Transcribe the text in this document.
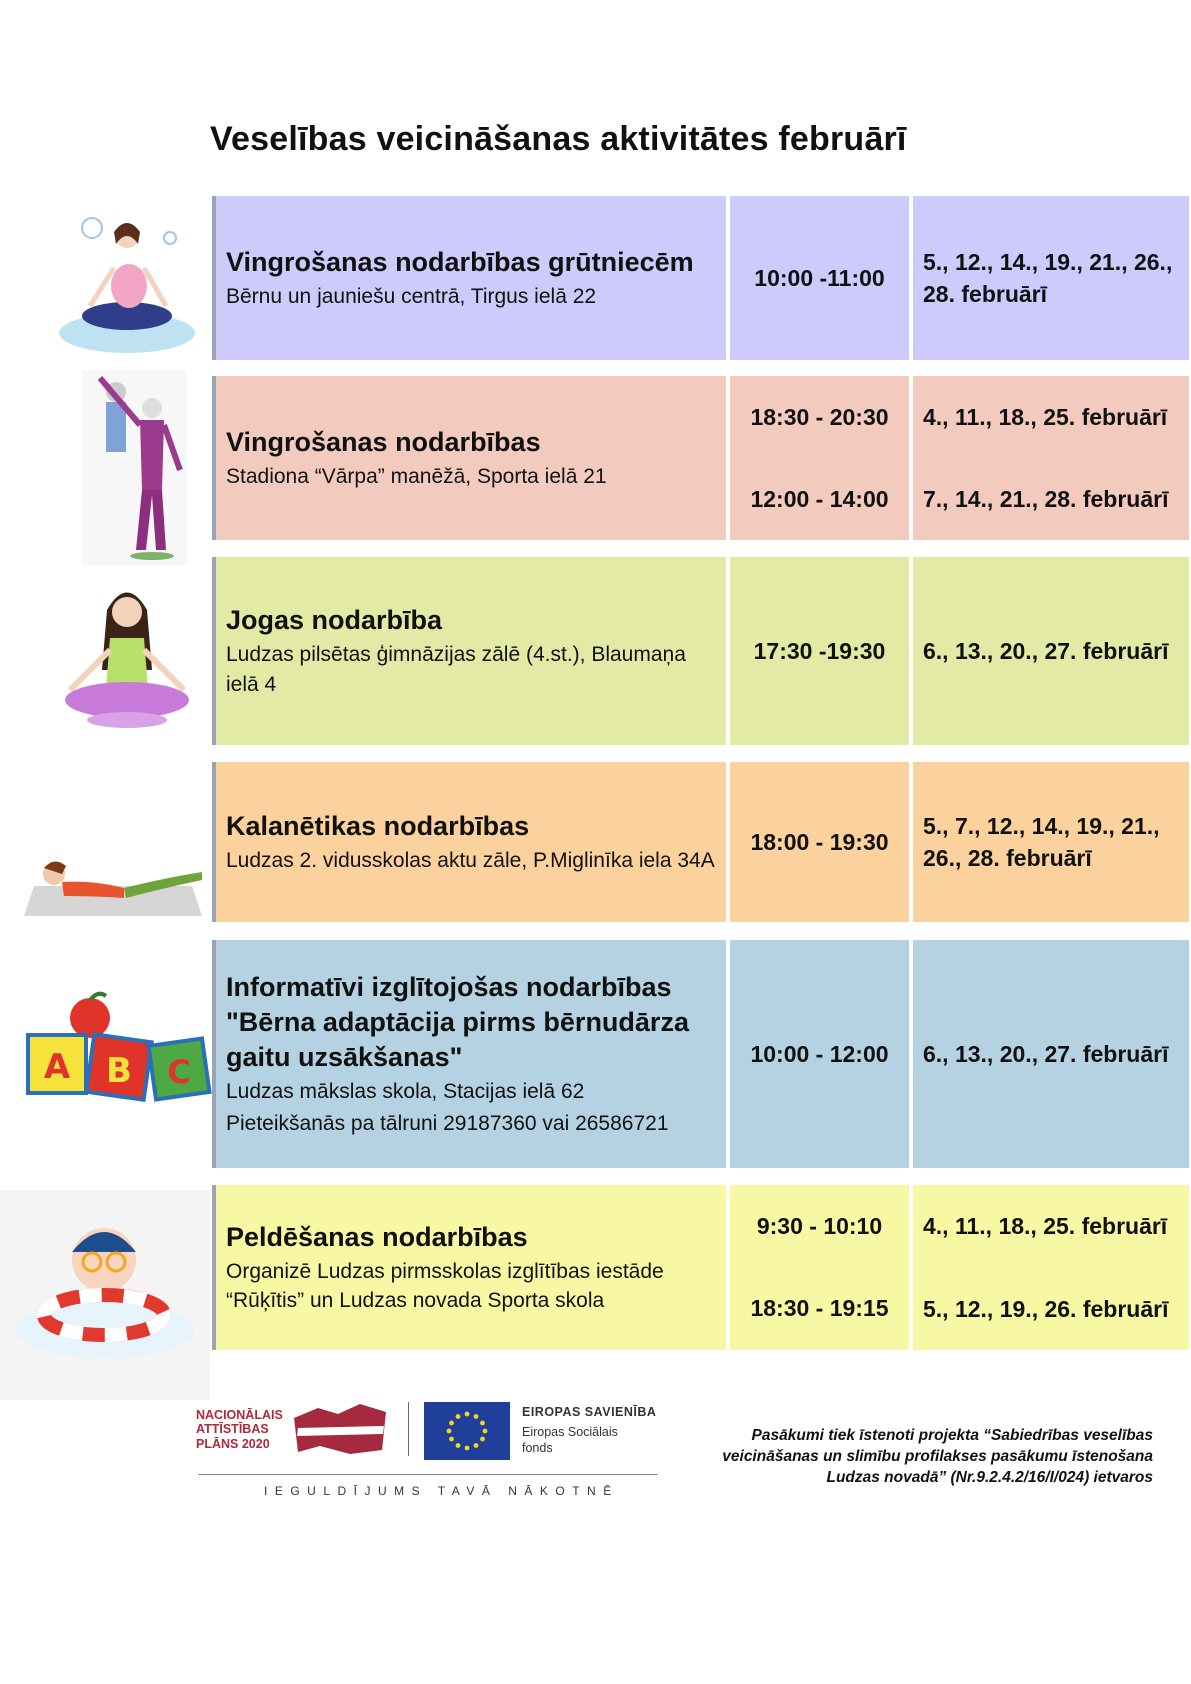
Veselības veicināšanas aktivitātes februārī
Vingrošanas nodarbības grūtniecēm
Bērnu un jauniešu centrā, Tirgus ielā 22
10:00 -11:00
5., 12., 14., 19., 21., 26., 28. februārī
Vingrošanas nodarbības
Stadiona “Vārpa” manēžā, Sporta ielā 21
18:30 - 20:30
12:00 - 14:00
4., 11., 18., 25. februārī
7., 14., 21., 28. februārī
Jogas nodarbība
Ludzas pilsētas ģimnāzijas zālē (4.st.), Blaumaņa ielā 4
17:30 -19:30 6., 13., 20., 27. februārī
Kalanētikas nodarbības
Ludzas 2. vidusskolas aktu zāle, P.Miglinīka iela 34A
18:00 - 19:30
5., 7., 12., 14., 19., 21., 26., 28. februārī
Informatīvi izglītojošas nodarbības "Bērna adaptācija pirms bērnudārza gaitu uzsākšanas"
Ludzas mākslas skola, Stacijas ielā 62
Pieteikšanās pa tālruni 29187360 vai 26586721
10:00 - 12:00 6., 13., 20., 27. februārī
Peldēšanas nodarbības
Organizē Ludzas pirmsskolas izglītības iestāde “Rūķītis” un Ludzas novada Sporta skola
9:30 - 10:10
18:30 - 19:15
4., 11., 18., 25. februārī
5., 12., 19., 26. februārī
A B C
NACIONĀLAIS
ATTĪSTĪBAS
PLĀNS 2020
EIROPAS SAVIENĪBA
Eiropas Sociālais
fonds
IEGULDĪJUMS TAVĀ NĀKOTNĒ
Pasākumi tiek īstenoti projekta “Sabiedrības veselības
veicināšanas un slimību profilakses pasākumu īstenošana
Ludzas novadā” (Nr.9.2.4.2/16/I/024) ietvaros
